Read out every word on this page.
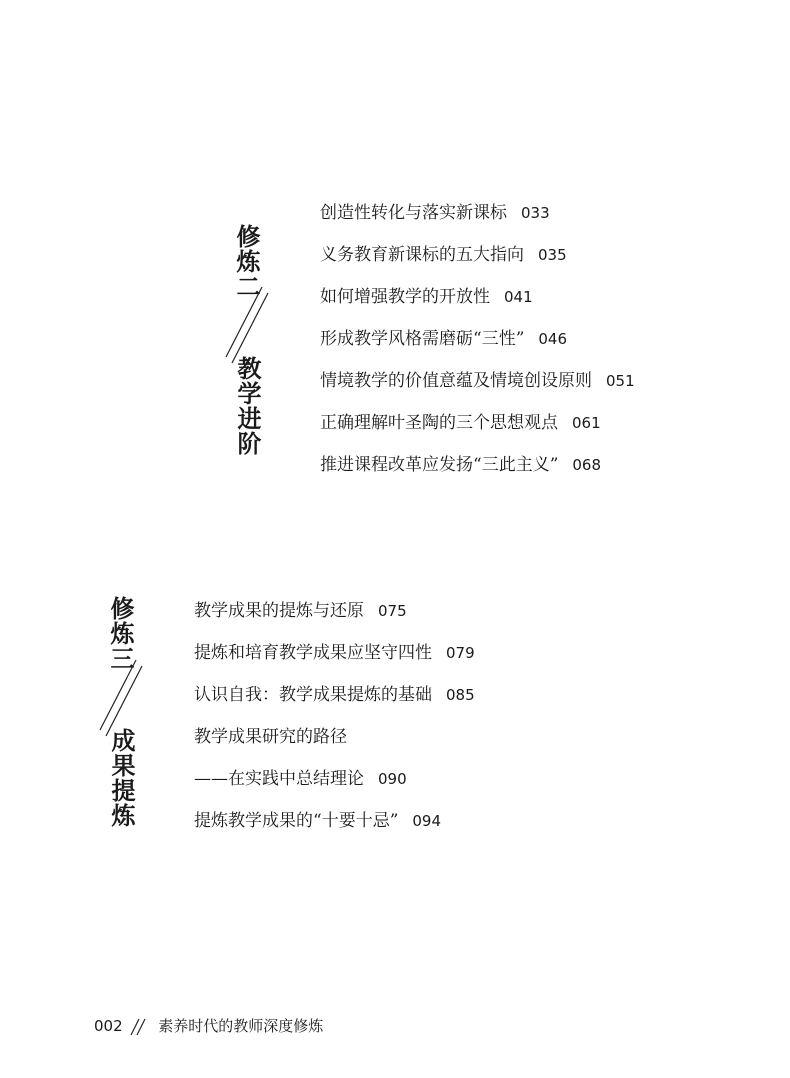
修炼二
教学进阶
创造性转化与落实新课标 033
义务教育新课标的五大指向 035
如何增强教学的开放性 041
形成教学风格需磨砺“三性” 046
情境教学的价值意蕴及情境创设原则 051
正确理解叶圣陶的三个思想观点 061
推进课程改革应发扬“三此主义” 068
修炼三
成果提炼
教学成果的提炼与还原 075
提炼和培育教学成果应坚守四性 079
认识自我：教学成果提炼的基础 085
教学成果研究的路径
——在实践中总结理论 090
提炼教学成果的“十要十忌” 094
002 素养时代的教师深度修炼
